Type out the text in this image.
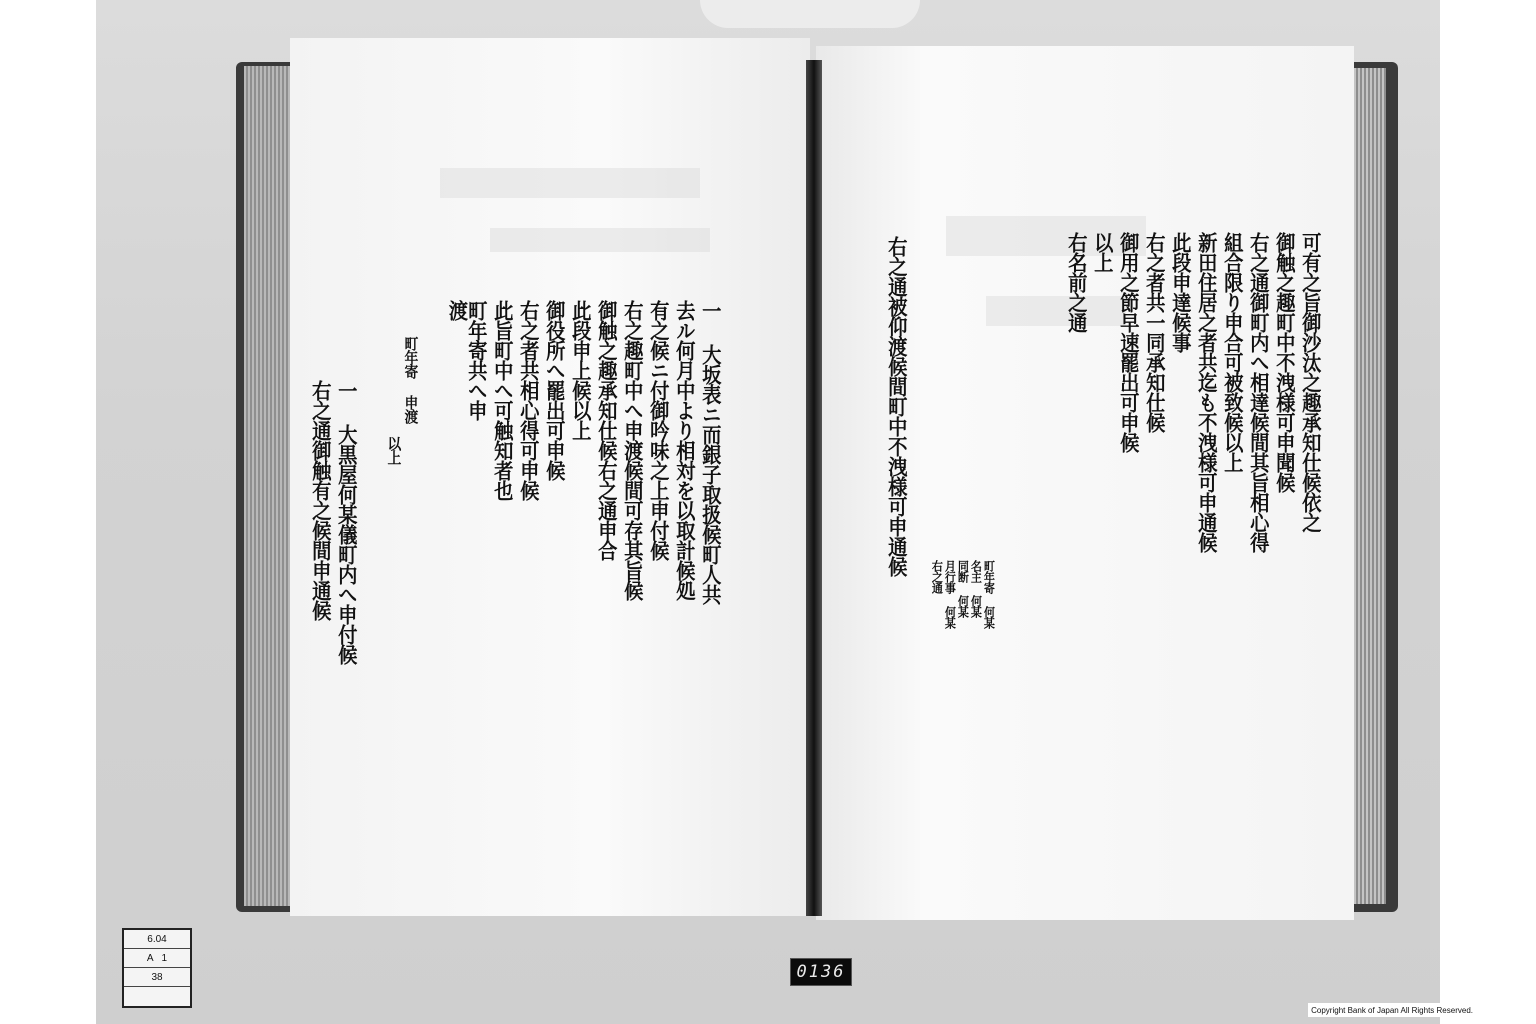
可有之旨御沙汰之趣承知仕候依之
御触之趣町中不洩様可申聞候
右之通御町内へ相達候間其旨相心得
組合限り申合可被致候以上
新田住居之者共迄も不洩様可申通候
此段申達候事
右之者共一同承知仕候
御用之節早速罷出可申候
以上
右名前之通
町年寄 何某
名主 何某
同断 何某
月行事 何某
右之通
右之通被仰渡候間町中不洩様可申通候
一 大坂表ニ而銀子取扱候町人共
去ル何月中より相対を以取計候処
有之候ニ付御吟味之上申付候
右之趣町中へ申渡候間可存其旨候
御触之趣承知仕候右之通申合
此段申上候以上
御役所へ罷出可申候
右之者共相心得可申候
此旨町中へ可触知者也
町年寄共へ申渡
町年寄 申渡
以上
一 大黒屋何某儀町内へ申付候
右之通御触有之候間申通候
6.04
A 1
38	0136
Copyright Bank of Japan All Rights Reserved.
